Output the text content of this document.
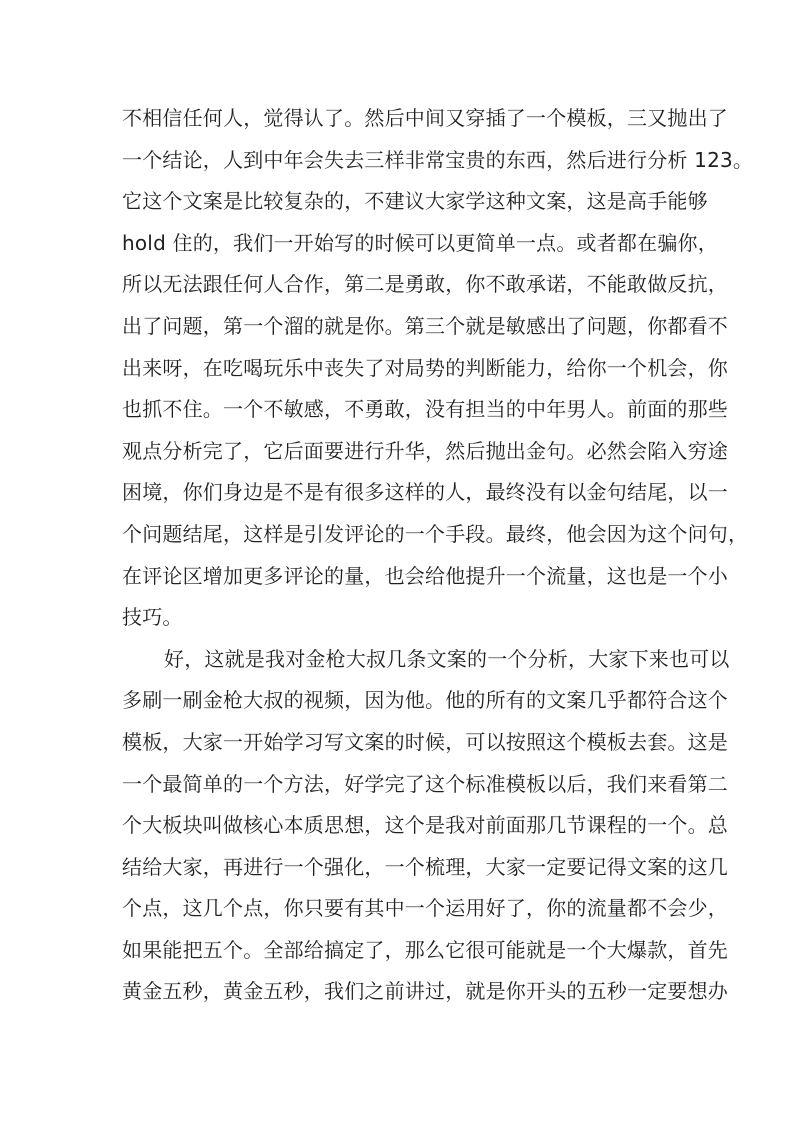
不相信任何人，觉得认了。然后中间又穿插了一个模板，三又抛出了
一个结论，人到中年会失去三样非常宝贵的东西，然后进行分析 123。
它这个文案是比较复杂的，不建议大家学这种文案，这是高手能够
hold 住的，我们一开始写的时候可以更简单一点。或者都在骗你，
所以无法跟任何人合作，第二是勇敢，你不敢承诺，不能敢做反抗，
出了问题，第一个溜的就是你。第三个就是敏感出了问题，你都看不
出来呀，在吃喝玩乐中丧失了对局势的判断能力，给你一个机会，你
也抓不住。一个不敏感，不勇敢，没有担当的中年男人。前面的那些
观点分析完了，它后面要进行升华，然后抛出金句。必然会陷入穷途
困境，你们身边是不是有很多这样的人，最终没有以金句结尾，以一
个问题结尾，这样是引发评论的一个手段。最终，他会因为这个问句，
在评论区增加更多评论的量，也会给他提升一个流量，这也是一个小
技巧。
好，这就是我对金枪大叔几条文案的一个分析，大家下来也可以
多刷一刷金枪大叔的视频，因为他。他的所有的文案几乎都符合这个
模板，大家一开始学习写文案的时候，可以按照这个模板去套。这是
一个最简单的一个方法，好学完了这个标准模板以后，我们来看第二
个大板块叫做核心本质思想，这个是我对前面那几节课程的一个。总
结给大家，再进行一个强化，一个梳理，大家一定要记得文案的这几
个点，这几个点，你只要有其中一个运用好了，你的流量都不会少，
如果能把五个。全部给搞定了，那么它很可能就是一个大爆款，首先
黄金五秒，黄金五秒，我们之前讲过，就是你开头的五秒一定要想办
